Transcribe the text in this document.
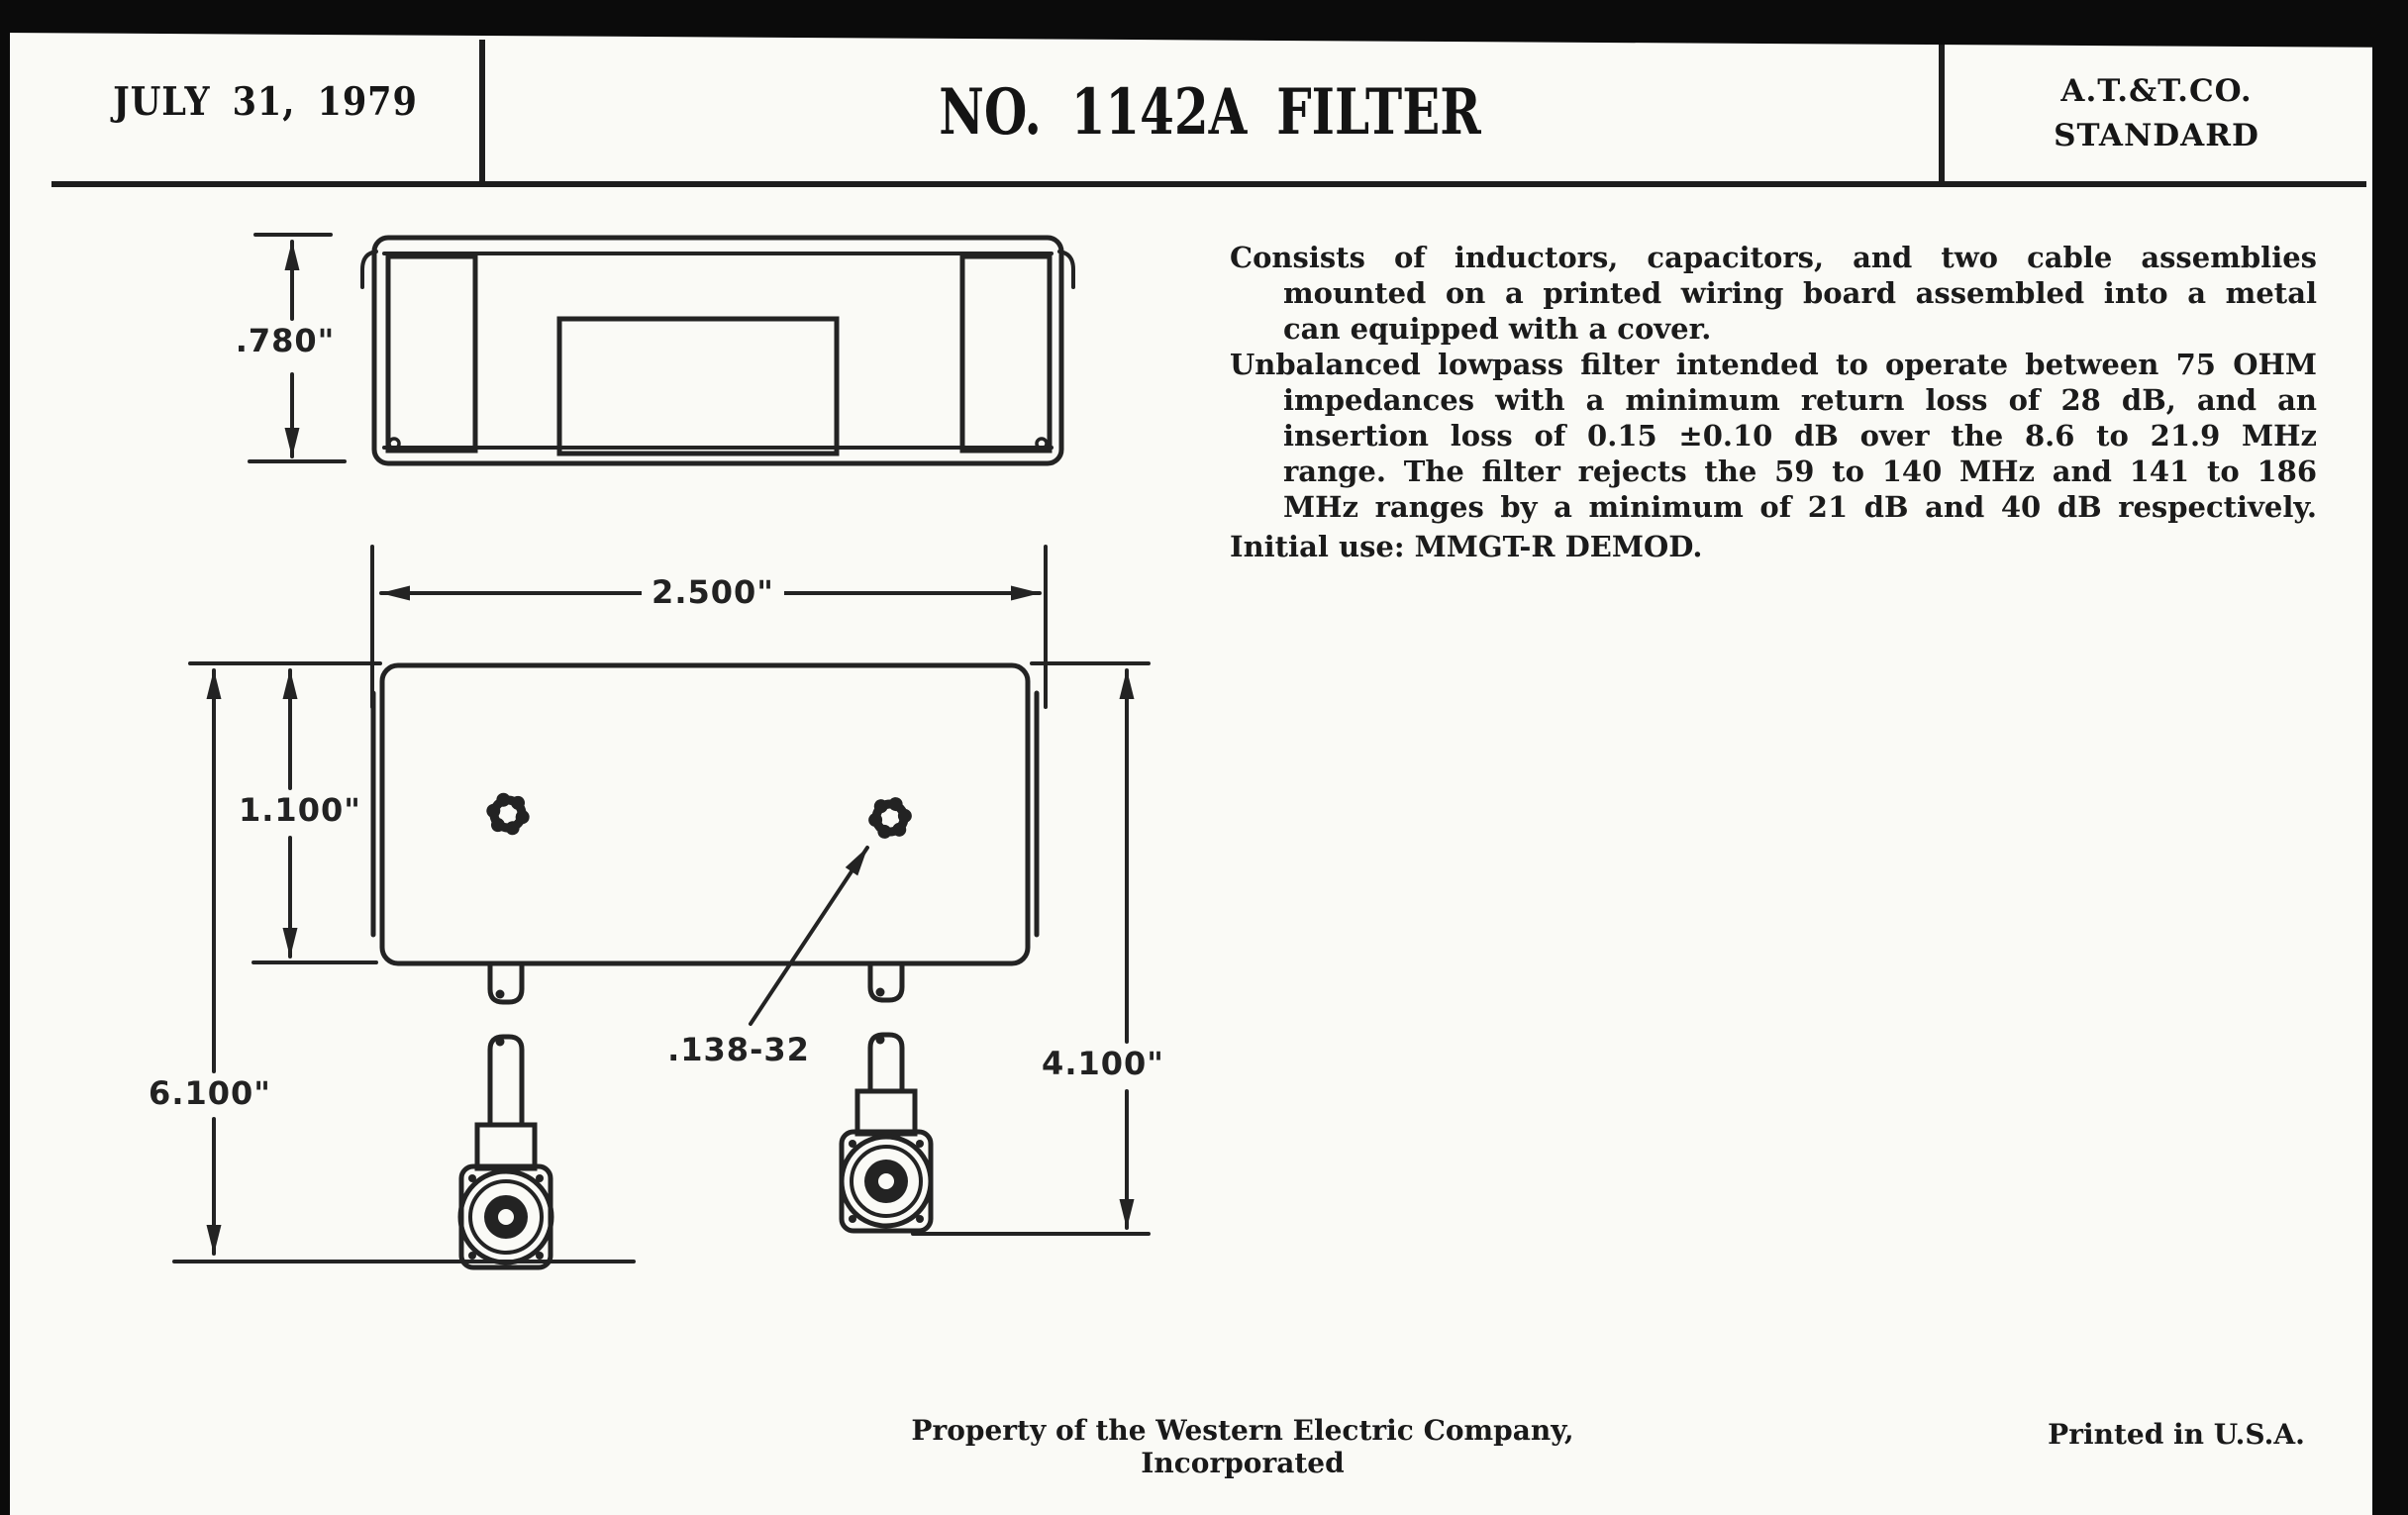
JULY 31, 1979	NO. 1142A FILTER	A.T.&T.CO.
STANDARD
.780"
2.500"
1.100"
6.100"
4.100"
.138-32
Consists of inductors, capacitors, and two cable assemblies
mounted on a printed wiring board assembled into a metal
can equipped with a cover.
Unbalanced lowpass filter intended to operate between 75 OHM
impedances with a minimum return loss of 28 dB, and an
insertion loss of 0.15 ±0.10 dB over the 8.6 to 21.9 MHz
range. The filter rejects the 59 to 140 MHz and 141 to 186
MHz ranges by a minimum of 21 dB and 40 dB respectively.
Initial use: MMGT-R DEMOD.
Property of the Western Electric Company, Incorporated
Printed in U.S.A.
